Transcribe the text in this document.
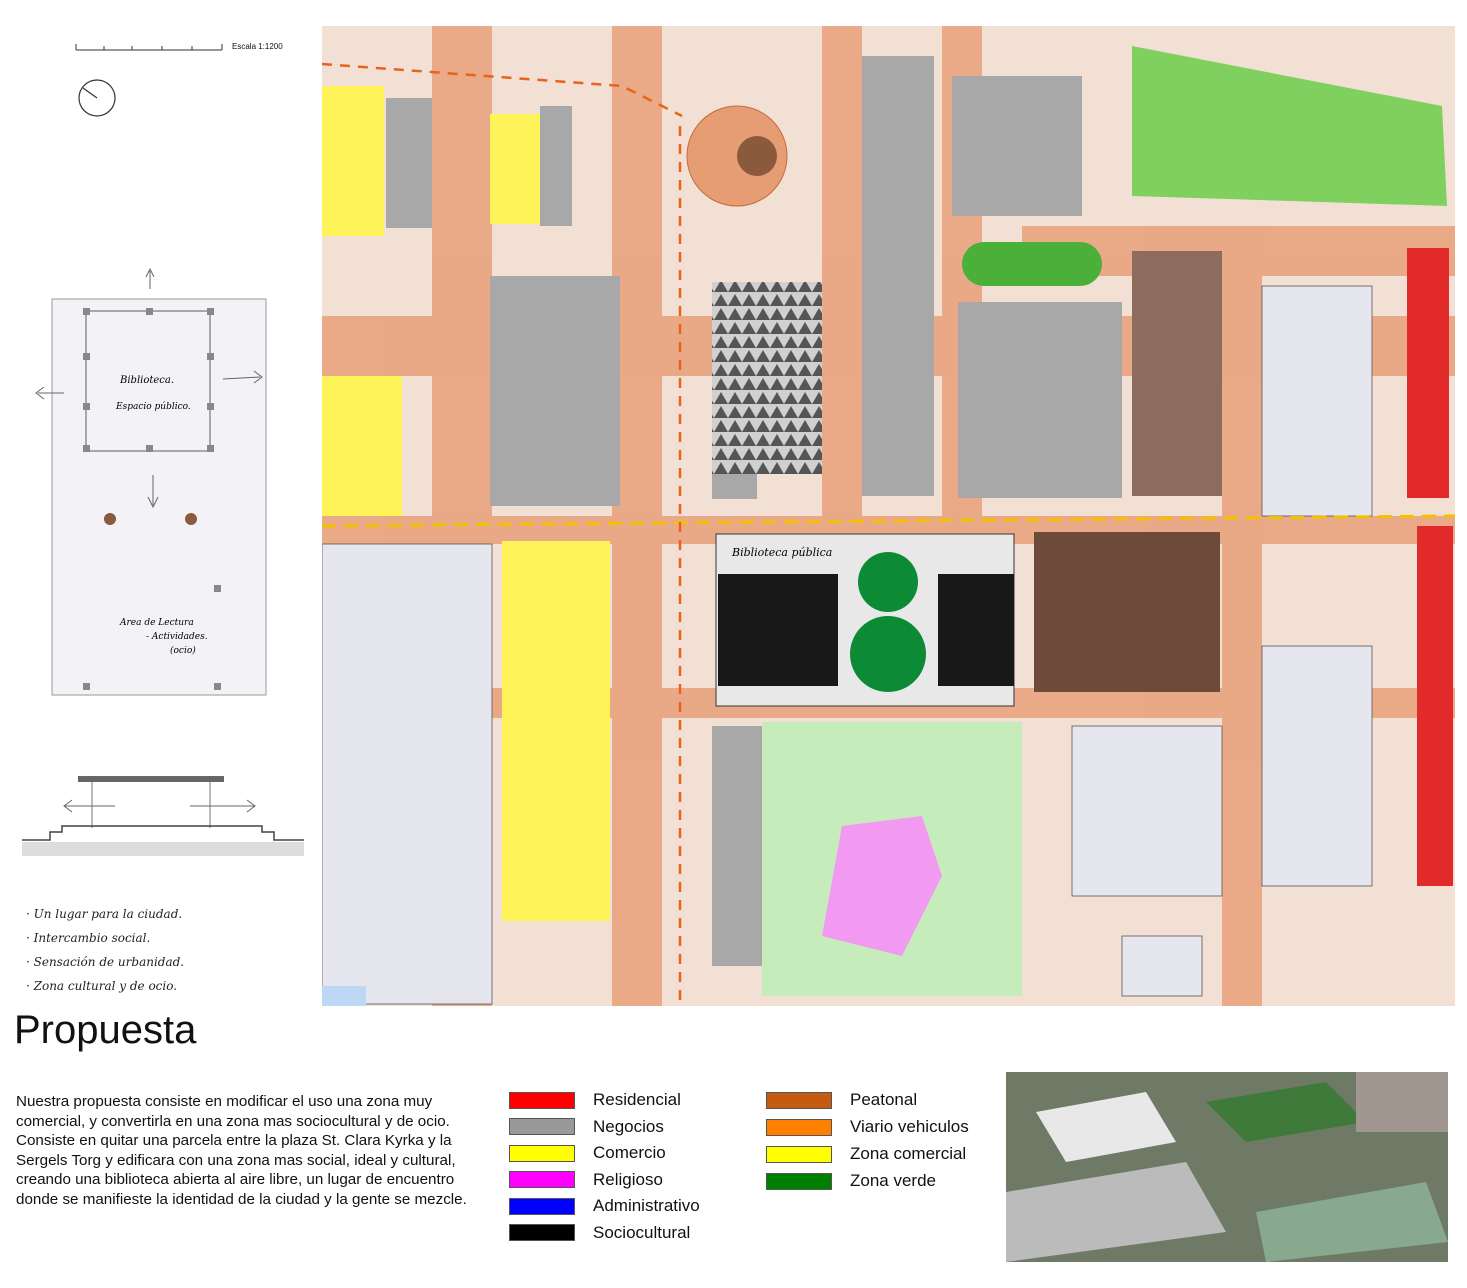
Escala 1:1200
Biblioteca.
Espacio público.
Area de Lectura
- Actividades.
(ocio)
· Un lugar para la ciudad.
· Intercambio social.
· Sensación de urbanidad.
· Zona cultural y de ocio.
Biblioteca pública
Propuesta

Nuestra propuesta consiste en modificar el uso una zona muy comercial, y convertirla en una zona mas sociocultural y de ocio.

Consiste en quitar una parcela entre la plaza St. Clara Kyrka y la Sergels Torg y edificara con una zona mas social, ideal y cultural, creando una biblioteca abierta al aire libre, un lugar de encuentro donde se manifieste la identidad de la ciudad y la gente se mezcle.

Residencial
Negocios
Comercio
Religioso
Administrativo
Sociocultural
Peatonal
Viario vehiculos
Zona comercial
Zona verde
